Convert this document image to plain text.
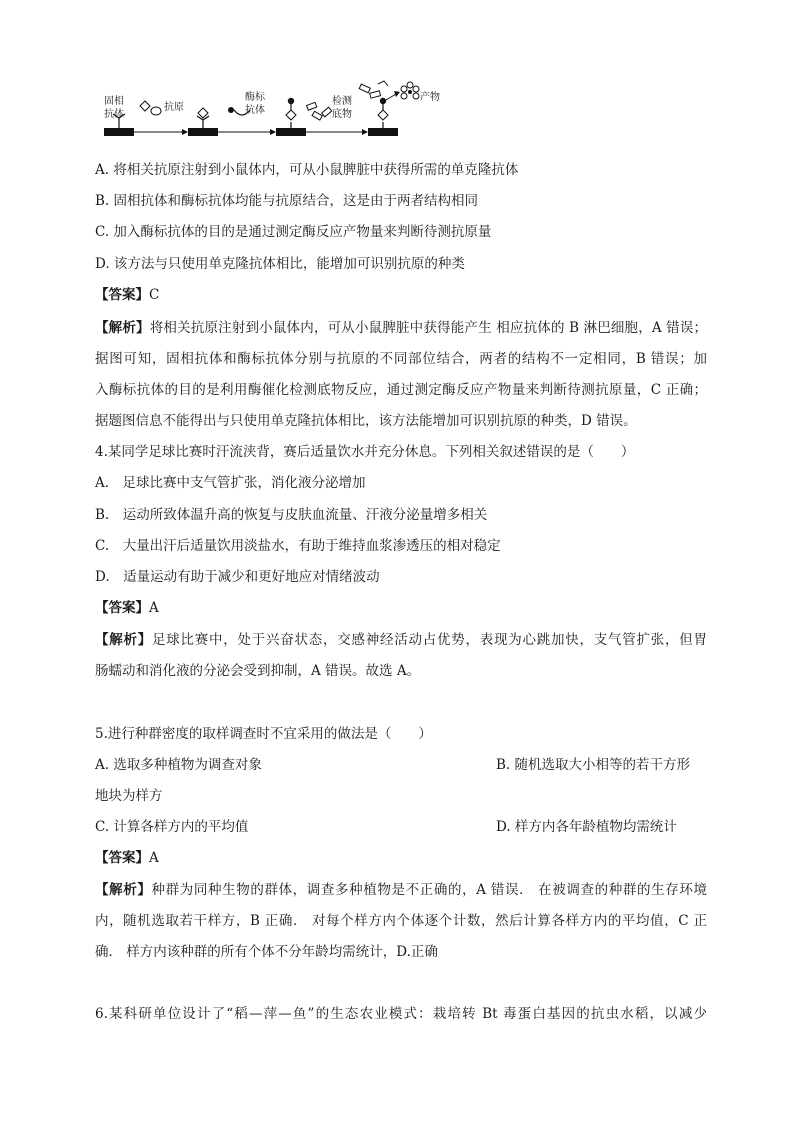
固相
抗体
抗原
酶标
抗体
检测
底物
产物
A. 将相关抗原注射到小鼠体内，可从小鼠脾脏中获得所需的单克隆抗体
B. 固相抗体和酶标抗体均能与抗原结合，这是由于两者结构相同
C. 加入酶标抗体的目的是通过测定酶反应产物量来判断待测抗原量
D. 该方法与只使用单克隆抗体相比，能增加可识别抗原的种类
【答案】C
【解析】将相关抗原注射到小鼠体内，可从小鼠脾脏中获得能产生 相应抗体的 B 淋巴细胞，A 错误；
据图可知，固相抗体和酶标抗体分别与抗原的不同部位结合，两者的结构不一定相同，B 错误；加
入酶标抗体的目的是利用酶催化检测底物反应，通过测定酶反应产物量来判断待测抗原量，C 正确；
据题图信息不能得出与只使用单克隆抗体相比，该方法能增加可识别抗原的种类，D 错误。
4.某同学足球比赛时汗流浃背，赛后适量饮水并充分休息。下列相关叙述错误的是（　　）
A.　足球比赛中支气管扩张，消化液分泌增加
B.　运动所致体温升高的恢复与皮肤血流量、汗液分泌量增多相关
C.　大量出汗后适量饮用淡盐水，有助于维持血浆渗透压的相对稳定
D.　适量运动有助于减少和更好地应对情绪波动
【答案】A
【解析】足球比赛中，处于兴奋状态，交感神经活动占优势，表现为心跳加快，支气管扩张，但胃
肠蠕动和消化液的分泌会受到抑制，A 错误。故选 A。
5.进行种群密度的取样调查时不宜采用的做法是（　　）
A. 选取多种植物为调查对象	B. 随机选取大小相等的若干方形
地块为样方
C. 计算各样方内的平均值	D. 样方内各年龄植物均需统计
【答案】A
【解析】种群为同种生物的群体，调查多种植物是不正确的，A 错误． 在被调查的种群的生存环境
内，随机选取若干样方，B 正确． 对每个样方内个体逐个计数，然后计算各样方内的平均值，C 正
确． 样方内该种群的所有个体不分年龄均需统计，D.正确
6.某科研单位设计了“稻—萍—鱼”的生态农业模式：栽培转 Bt 毒蛋白基因的抗虫水稻，以减少
